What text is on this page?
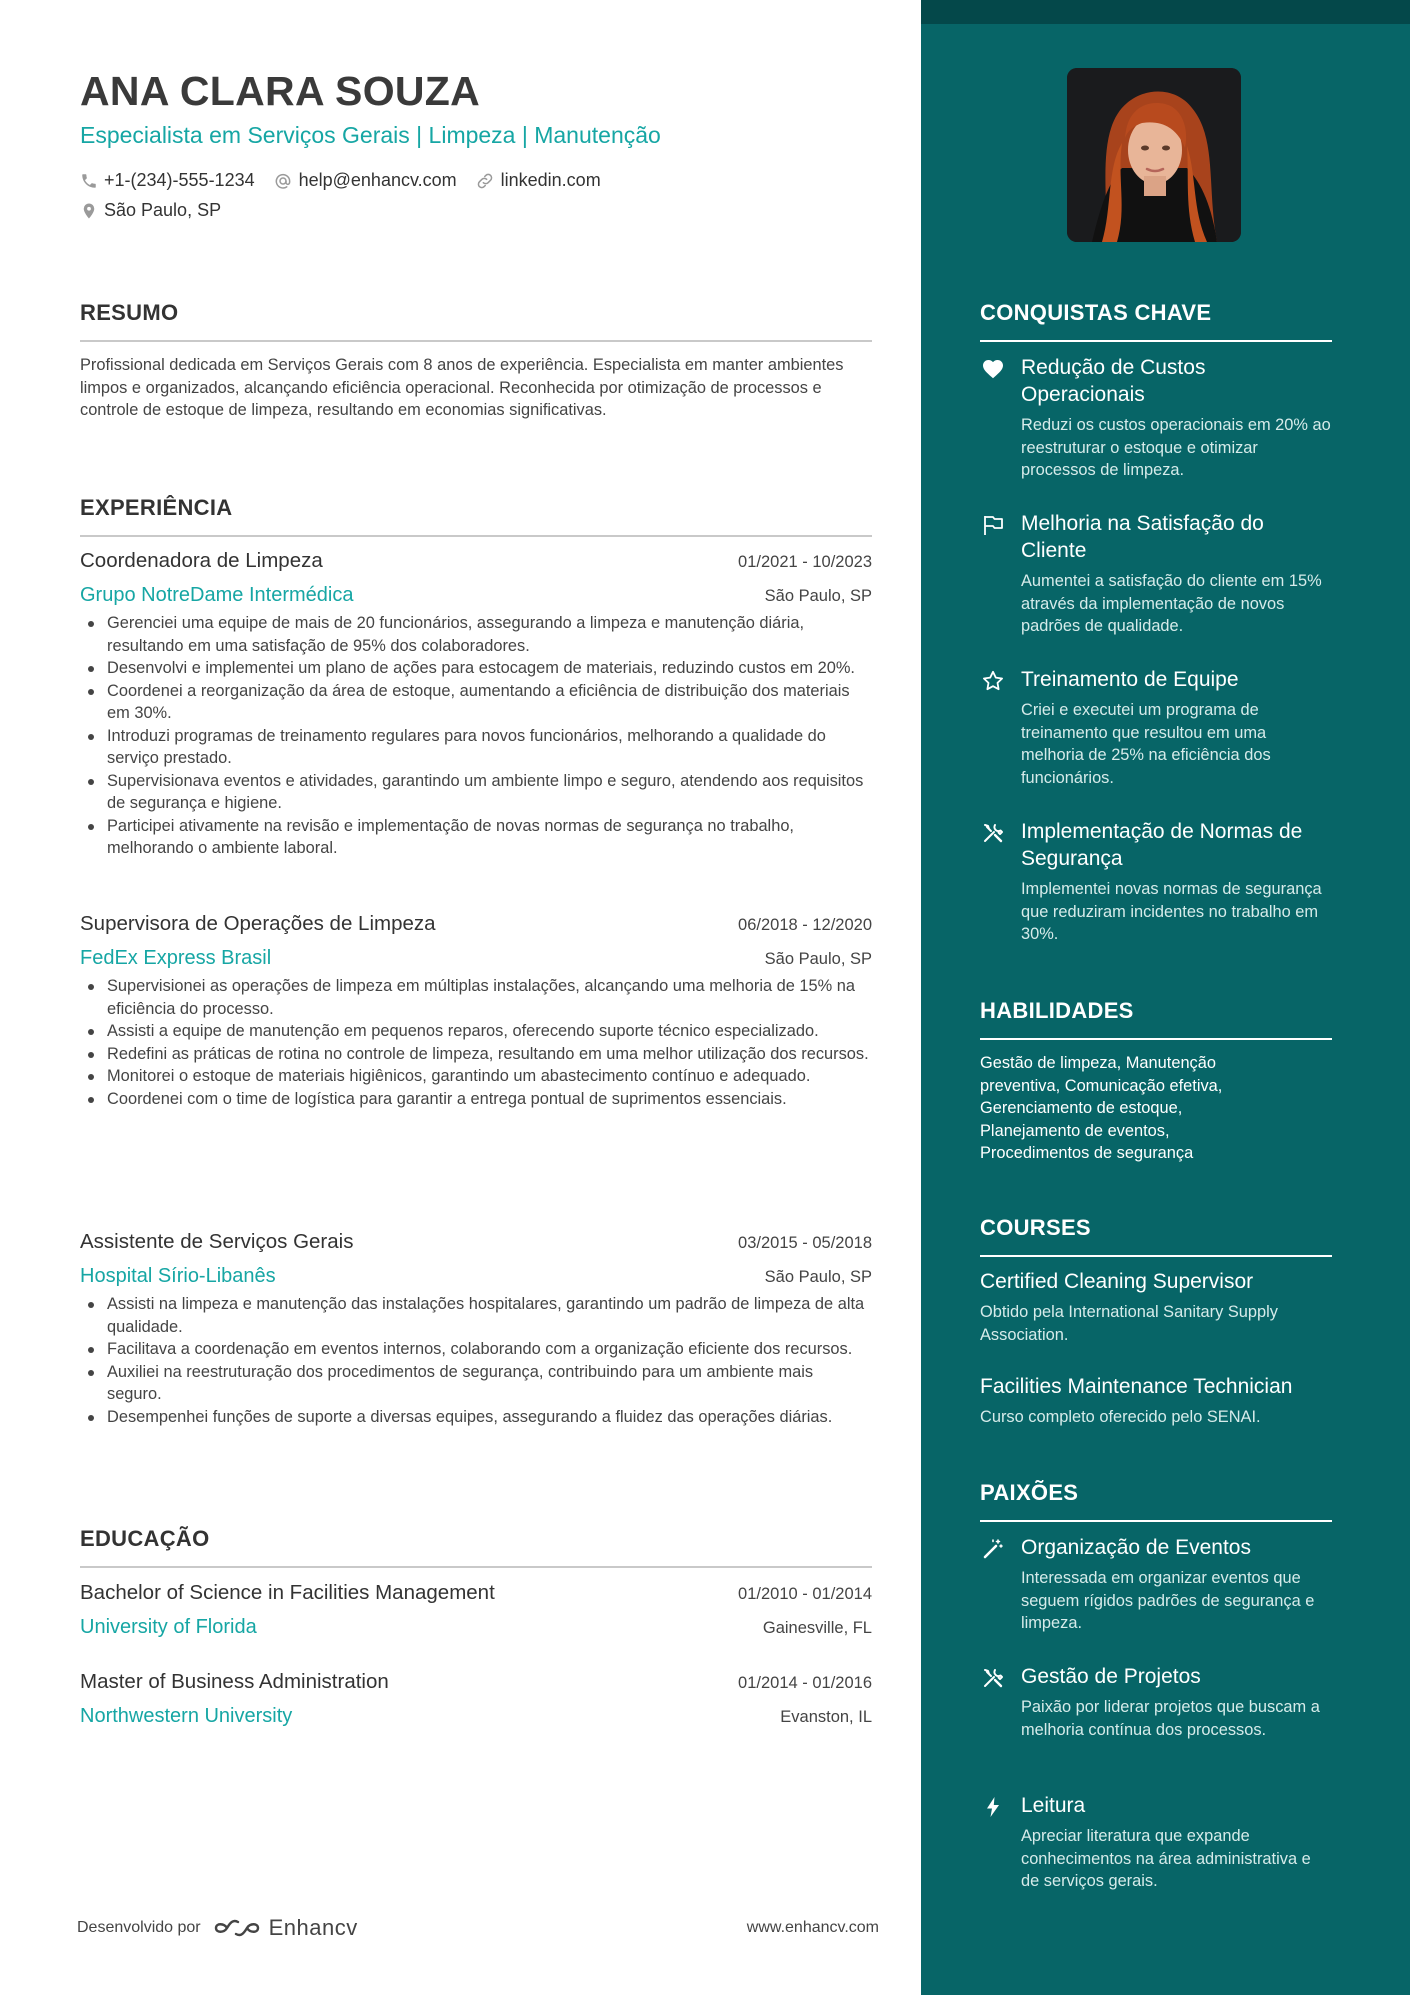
ANA CLARA SOUZA
Especialista em Serviços Gerais | Limpeza | Manutenção
+1-(234)-555-1234 help@enhancv.com linkedin.com
São Paulo, SP
RESUMO

Profissional dedicada em Serviços Gerais com 8 anos de experiência. Especialista em manter ambientes limpos e organizados, alcançando eficiência operacional. Reconhecida por otimização de processos e controle de estoque de limpeza, resultando em economias significativas.

EXPERIÊNCIA
Coordenadora de Limpeza	01/2021 - 10/2023
Grupo NotreDame Intermédica	São Paulo, SP
Gerenciei uma equipe de mais de 20 funcionários, assegurando a limpeza e manutenção diária, resultando em uma satisfação de 95% dos colaboradores.
Desenvolvi e implementei um plano de ações para estocagem de materiais, reduzindo custos em 20%.
Coordenei a reorganização da área de estoque, aumentando a eficiência de distribuição dos materiais em 30%.
Introduzi programas de treinamento regulares para novos funcionários, melhorando a qualidade do serviço prestado.
Supervisionava eventos e atividades, garantindo um ambiente limpo e seguro, atendendo aos requisitos de segurança e higiene.
Participei ativamente na revisão e implementação de novas normas de segurança no trabalho, melhorando o ambiente laboral.
Supervisora de Operações de Limpeza	06/2018 - 12/2020
FedEx Express Brasil	São Paulo, SP
Supervisionei as operações de limpeza em múltiplas instalações, alcançando uma melhoria de 15% na eficiência do processo.
Assisti a equipe de manutenção em pequenos reparos, oferecendo suporte técnico especializado.
Redefini as práticas de rotina no controle de limpeza, resultando em uma melhor utilização dos recursos.
Monitorei o estoque de materiais higiênicos, garantindo um abastecimento contínuo e adequado.
Coordenei com o time de logística para garantir a entrega pontual de suprimentos essenciais.
Assistente de Serviços Gerais	03/2015 - 05/2018
Hospital Sírio-Libanês	São Paulo, SP
Assisti na limpeza e manutenção das instalações hospitalares, garantindo um padrão de limpeza de alta qualidade.
Facilitava a coordenação em eventos internos, colaborando com a organização eficiente dos recursos.
Auxiliei na reestruturação dos procedimentos de segurança, contribuindo para um ambiente mais seguro.
Desempenhei funções de suporte a diversas equipes, assegurando a fluidez das operações diárias.
EDUCAÇÃO
Bachelor of Science in Facilities Management	01/2010 - 01/2014
University of Florida	Gainesville, FL
Master of Business Administration	01/2014 - 01/2016
Northwestern University	Evanston, IL
Desenvolvido por	Enhancv	www.enhancv.com
CONQUISTAS CHAVE
Redução de Custos Operacionais
Reduzi os custos operacionais em 20% ao reestruturar o estoque e otimizar processos de limpeza.
Melhoria na Satisfação do Cliente
Aumentei a satisfação do cliente em 15% através da implementação de novos padrões de qualidade.
Treinamento de Equipe
Criei e executei um programa de treinamento que resultou em uma melhoria de 25% na eficiência dos funcionários.
Implementação de Normas de Segurança
Implementei novas normas de segurança que reduziram incidentes no trabalho em 30%.
HABILIDADES

Gestão de limpeza, Manutenção preventiva, Comunicação efetiva, Gerenciamento de estoque, Planejamento de eventos, Procedimentos de segurança

COURSES
Certified Cleaning Supervisor
Obtido pela International Sanitary Supply Association.
Facilities Maintenance Technician
Curso completo oferecido pelo SENAI.
PAIXÕES
Organização de Eventos
Interessada em organizar eventos que seguem rígidos padrões de segurança e limpeza.
Gestão de Projetos
Paixão por liderar projetos que buscam a melhoria contínua dos processos.
Leitura
Apreciar literatura que expande conhecimentos na área administrativa e de serviços gerais.
